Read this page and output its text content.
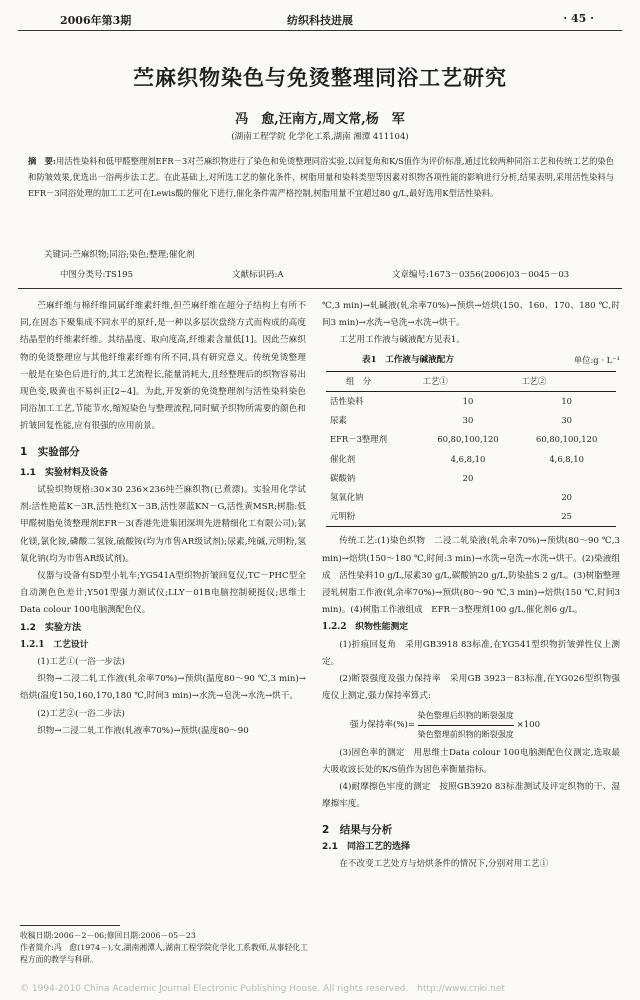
2006年第3期	纺织科技进展	· 45 ·
苎麻织物染色与免烫整理同浴工艺研究
冯　愈,汪南方,周文常,杨　军
(湖南工程学院 化学化工系,湖南 湘潭 411104)
摘　要:用活性染料和低甲醛整理剂EFR－3对苎麻织物进行了染色和免烫整理同浴实验,以回复角和K/S值作为评价标准,通过比较两种同浴工艺和传统工艺的染色和防皱效果,优选出一浴两步法工艺。在此基础上,对所选工艺的催化条件、树脂用量和染料类型等因素对织物各项性能的影响进行分析,结果表明,采用活性染料与EFR－3同浴处理的加工工艺可在Lewis酸的催化下进行,催化条件需严格控制,树脂用量不宜超过80 g/L,最好选用K型活性染料。
关键词:苎麻织物;同浴;染色;整理;催化剂
中图分类号:TS195	文献标识码:A	文章编号:1673－0356(2006)03－0045－03

苎麻纤维与棉纤维同属纤维素纤维,但苎麻纤维在超分子结构上有所不同,在固态下聚集成不同水平的原纤,是一种以多层次盘绕方式而构成的高度结晶型的纤维素纤维。其结晶度、取向度高,纤维素含量低[1]。因此苎麻织物的免烫整理应与其他纤维素纤维有所不同,具有研究意义。传统免烫整理一般是在染色后进行的,其工艺流程长,能量消耗大,且经整理后的织物容易出现色变,吸黄也不易纠正[2~4]。为此,开发新的免烫整理剂与活性染料染色同浴加工工艺,节能节水,缩短染色与整理流程,同时赋予织物所需要的颜色和折皱回复性能,应有很强的应用前景。

1　实验部分
1.1　实验材料及设备

试验织物规格:30×30 236×236纯苎麻织物(已煮漂)。实验用化学试剂:活性艳蓝K－3R,活性艳红X－3B,活性翠蓝KN－G,活性黄MSR;树脂:低甲醛树脂免烫整理剂EFR－3(香港先进集团深圳先进精细化工有限公司);氯化镁,氯化铵,磷酸二氢铵,硫酸铵(均为市售AR级试剂);尿素,纯碱,元明粉,氢氧化钠(均为市售AR级试剂)。

仪器与设备有SD型小轧车;YG541A型织物折皱回复仪;TC－PHC型全自动测色色差计;Y501型强力测试仪;LLY－01B电脑控制硬挺仪;思维士Data colour 100电脑测配色仪。

1.2　实验方法
1.2.1　工艺设计

(1)工艺①(一浴一步法)

织物→二浸二轧工作液(轧余率70%)→预烘(温度80～90 ℃,3 min)→焙烘(温度150,160,170,180 ℃,时间3 min)→水洗→皂洗→水洗→烘干。

(2)工艺②(一浴二步法)

织物→二浸二轧工作液(轧液率70%)→预烘(温度80～90

收稿日期:2006－2－06;修回日期:2006－05－23
作者简介:冯　愈(1974－),女,湖南湘潭人,湖南工程学院化学化工系教师,从事轻化工程方面的教学与科研。
℃,3 min)→轧碱液(轧余率70%)→预烘→焙烘(150、160、170、180 ℃,时间3 min)→水洗→皂洗→水洗→烘干。

工艺用工作液与碱液配方见表1。

表1　工作液与碱液配方	单位:g · L⁻¹
组　分	工艺①	工艺②
活性染料	10	10
尿素	30	30
EFR－3整理剂	60,80,100,120	60,80,100,120
催化剂	4,6,8,10	4,6,8,10
碳酸钠	20	
氢氧化钠		20
元明粉		25

传统工艺:(1)染色织物　二浸二轧染液(轧余率70%)→预烘(80～90 ℃,3 min)→焙烘(150～180 ℃,时间:3 min)→水洗→皂洗→水洗→烘干。(2)染液组成　活性染料10 g/L,尿素30 g/L,碳酸钠20 g/L,防染盐S 2 g/L。(3)树脂整理　浸轧树脂工作液(轧余率70%)→预烘(80～90 ℃,3 min)→焙烘(150 ℃,时间3 min)。(4)树脂工作液组成　EFR－3整理剂100 g/L,催化剂6 g/L。

1.2.2　织物性能测定

(1)折痕回复角　采用GB3918 83标准,在YG541型织物折皱弹性仪上测定。

(2)断裂强度及强力保持率　采用GB 3923－83标准,在YG026型织物强度仪上测定,强力保持率算式:

强力保持率(%)= $\frac{\text{染色整理后织物的断裂强度}}{\text{染色整理前织物的断裂强度}} \times 100$

(3)固色率的测定　用思维士Data colour 100电脑测配色仪测定,选取最大吸收波长处的K/S值作为固色率衡量指标。

(4)耐摩擦色牢度的测定　按照GB3920 83标准测试及评定织物的干、湿摩擦牢度。

2　结果与分析
2.1　同浴工艺的选择

在不改变工艺处方与焙烘条件的情况下,分别对用工艺①

© 1994-2010 China Academic Journal Electronic Publishing House. All rights reserved.　http://www.cnki.net
